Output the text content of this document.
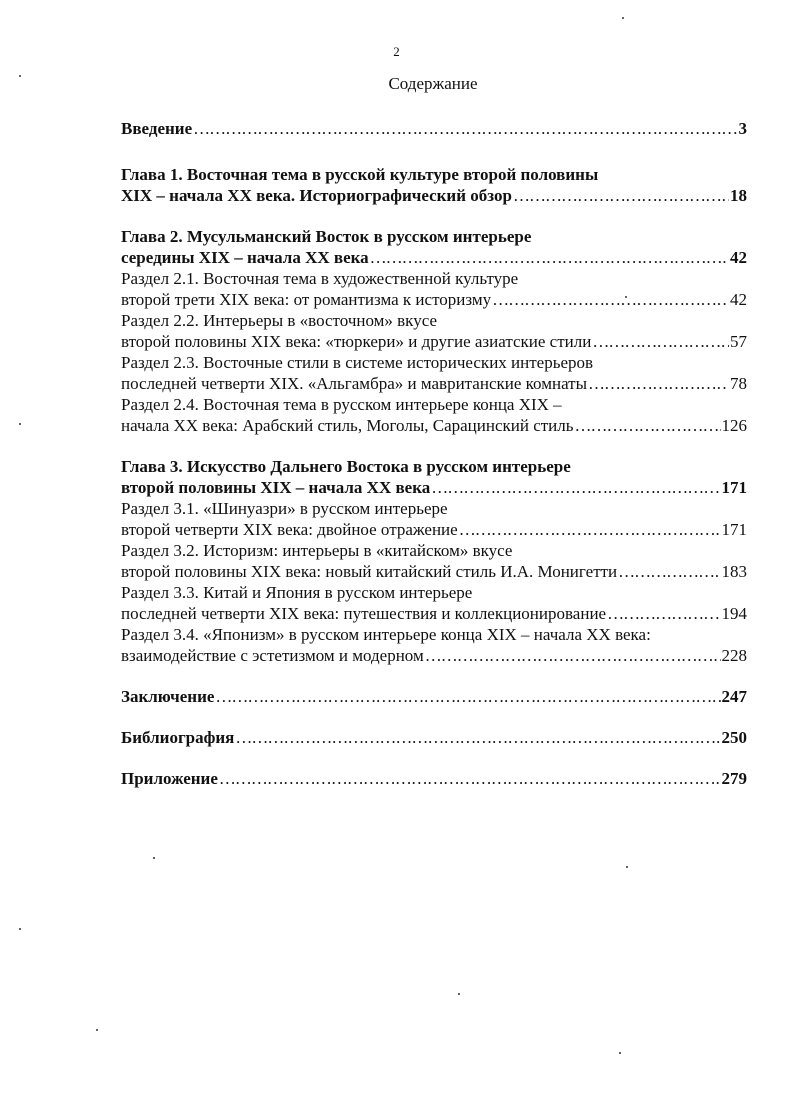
2
Содержание
Введение ………………………………………………………………………………………………………………………………………………………………	3
Глава 1. Восточная тема в русской культуре второй половины
XIX – начала XX века. Историографический обзор ………………………………………………………………………………………………………………………………………………………………	18
Глава 2. Мусульманский Восток в русском интерьере
середины XIX – начала XX века ………………………………………………………………………………………………………………………………………………………………	42
Раздел 2.1. Восточная тема в художественной культуре
второй трети XIX века: от романтизма к историзму ………………………………………………………………………………………………………………………………………………………………	42
Раздел 2.2. Интерьеры в «восточном» вкусе
второй половины XIX века: «тюркери» и другие азиатские стили ………………………………………………………………………………………………………………………………………………………………	57
Раздел 2.3. Восточные стили в системе исторических интерьеров
последней четверти XIX. «Альгамбра» и мавританские комнаты ………………………………………………………………………………………………………………………………………………………………	78
Раздел 2.4. Восточная тема в русском интерьере конца XIX –
начала XX века: Арабский стиль, Моголы, Сарацинский стиль ………………………………………………………………………………………………………………………………………………………………	126
Глава 3. Искусство Дальнего Востока в русском интерьере
второй половины XIX – начала XX века ………………………………………………………………………………………………………………………………………………………………	171
Раздел 3.1. «Шинуазри» в русском интерьере
второй четверти XIX века: двойное отражение ………………………………………………………………………………………………………………………………………………………………	171
Раздел 3.2. Историзм: интерьеры в «китайском» вкусе
второй половины XIX века: новый китайский стиль И.А. Монигетти ………………………………………………………………………………………………………………………………………………………………	183
Раздел 3.3. Китай и Япония в русском интерьере
последней четверти XIX века: путешествия и коллекционирование ………………………………………………………………………………………………………………………………………………………………	194
Раздел 3.4. «Японизм» в русском интерьере конца XIX – начала XX века:
взаимодействие с эстетизмом и модерном ………………………………………………………………………………………………………………………………………………………………	228
Заключение ………………………………………………………………………………………………………………………………………………………………	247
Библиография ………………………………………………………………………………………………………………………………………………………………	250
Приложение ………………………………………………………………………………………………………………………………………………………………	279
